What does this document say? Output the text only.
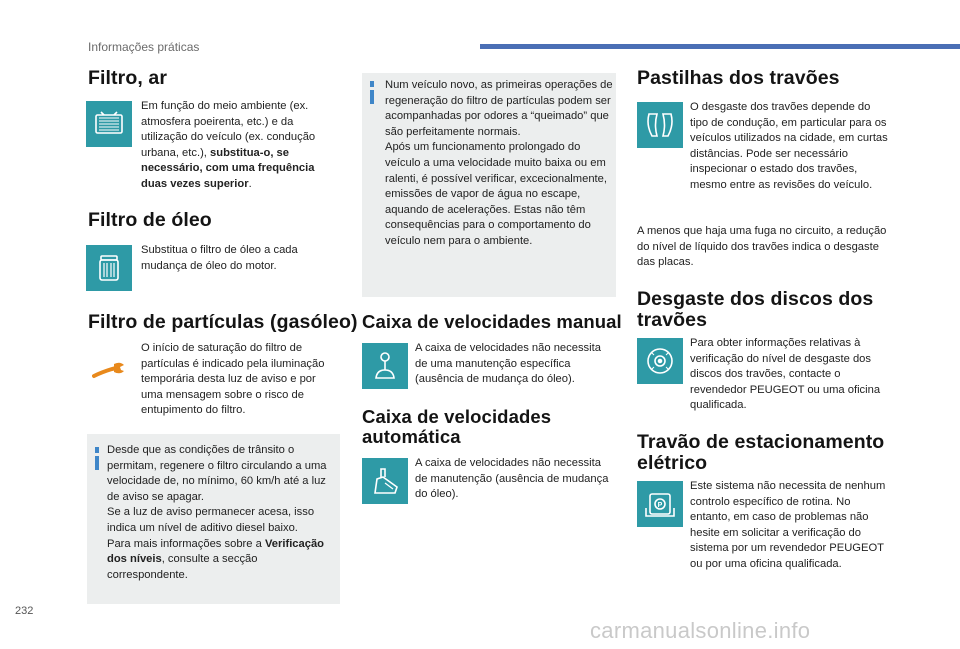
Informações práticas
Filtro, ar
Em função do meio ambiente (ex. atmosfera poeirenta, etc.) e da utilização do veículo (ex. condução urbana, etc.), substitua-o, se necessário, com uma frequência duas vezes superior.
Filtro de óleo
Substitua o filtro de óleo a cada mudança de óleo do motor.
Filtro de partículas (gasóleo)
O início de saturação do filtro de partículas é indicado pela iluminação temporária desta luz de aviso e por uma mensagem sobre o risco de entupimento do filtro.
Desde que as condições de trânsito o permitam, regenere o filtro circulando a uma velocidade de, no mínimo, 60 km/h até a luz de aviso se apagar.
Se a luz de aviso permanecer acesa, isso indica um nível de aditivo diesel baixo.
Para mais informações sobre a Verificação dos níveis, consulte a secção correspondente.
Num veículo novo, as primeiras operações de regeneração do filtro de partículas podem ser acompanhadas por odores a “queimado” que são perfeitamente normais.
Após um funcionamento prolongado do veículo a uma velocidade muito baixa ou em ralenti, é possível verificar, excecionalmente, emissões de vapor de água no escape, aquando de acelerações. Estas não têm consequências para o comportamento do veículo nem para o ambiente.
Caixa de velocidades manual
A caixa de velocidades não necessita de uma manutenção específica (ausência de mudança do óleo).
Caixa de velocidades automática
A caixa de velocidades não necessita de manutenção (ausência de mudança do óleo).
Pastilhas dos travões
O desgaste dos travões depende do tipo de condução, em particular para os veículos utilizados na cidade, em curtas distâncias. Pode ser necessário inspecionar o estado dos travões, mesmo entre as revisões do veículo.
A menos que haja uma fuga no circuito, a redução do nível de líquido dos travões indica o desgaste das placas.
Desgaste dos discos dos travões
Para obter informações relativas à verificação do nível de desgaste dos discos dos travões, contacte o revendedor PEUGEOT ou uma oficina qualificada.
Travão de estacionamento elétrico
P
Este sistema não necessita de nenhum controlo específico de rotina. No entanto, em caso de problemas não hesite em solicitar a verificação do sistema por um revendedor PEUGEOT ou por uma oficina qualificada.
232
carmanualsonline.info
